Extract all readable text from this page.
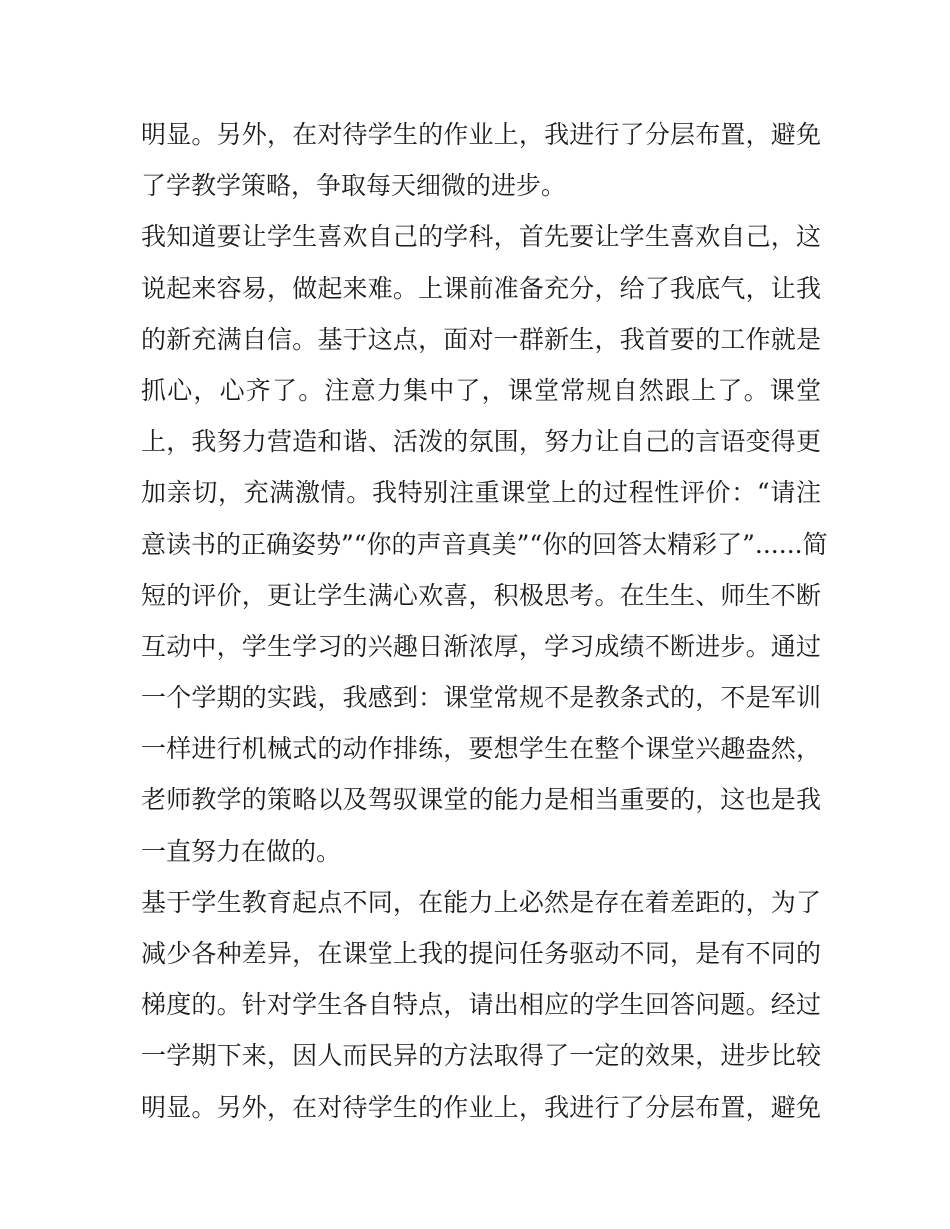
明显。另外，在对待学生的作业上，我进行了分层布置，避免
了学教学策略，争取每天细微的进步。
我知道要让学生喜欢自己的学科，首先要让学生喜欢自己，这
说起来容易，做起来难。上课前准备充分，给了我底气，让我
的新充满自信。基于这点，面对一群新生，我首要的工作就是
抓心，心齐了。注意力集中了，课堂常规自然跟上了。课堂
上，我努力营造和谐、活泼的氛围，努力让自己的言语变得更
加亲切，充满激情。我特别注重课堂上的过程性评价：“请注
意读书的正确姿势”“你的声音真美”“你的回答太精彩了”......简
短的评价，更让学生满心欢喜，积极思考。在生生、师生不断
互动中，学生学习的兴趣日渐浓厚，学习成绩不断进步。通过
一个学期的实践，我感到：课堂常规不是教条式的，不是军训
一样进行机械式的动作排练，要想学生在整个课堂兴趣盎然，
老师教学的策略以及驾驭课堂的能力是相当重要的，这也是我
一直努力在做的。
基于学生教育起点不同，在能力上必然是存在着差距的，为了
减少各种差异，在课堂上我的提问任务驱动不同，是有不同的
梯度的。针对学生各自特点，请出相应的学生回答问题。经过
一学期下来，因人而民异的方法取得了一定的效果，进步比较
明显。另外，在对待学生的作业上，我进行了分层布置，避免
